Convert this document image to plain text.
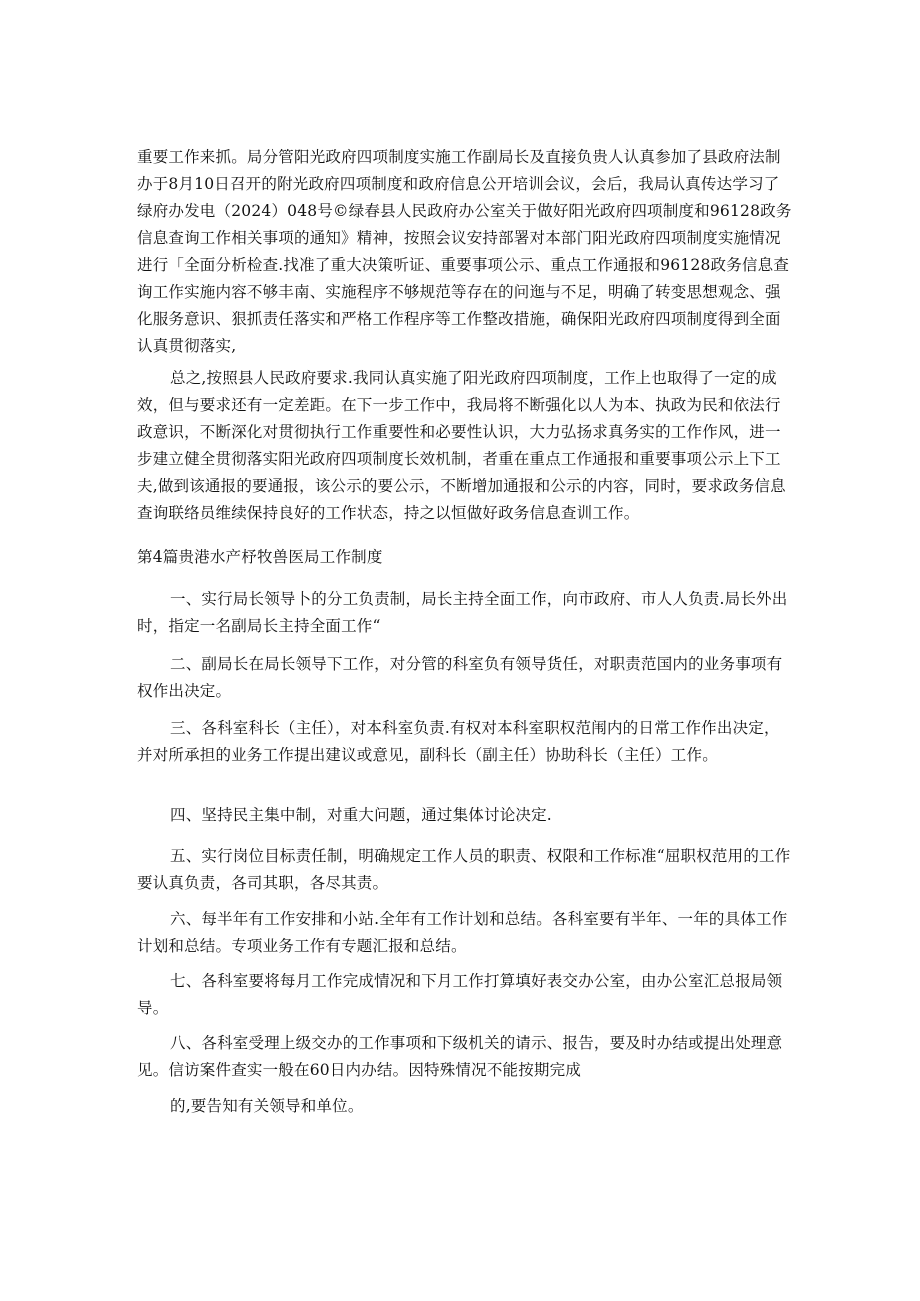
重要工作来抓。局分管阳光政府四项制度实施工作副局长及直接负贵人认真参加了县政府法制办于8月10日召开的附光政府四项制度和政府信息公开培训会议，会后，我局认真传达学习了绿府办发电（2024）048号©绿春县人民政府办公室关于做好阳光政府四项制度和96128政务信息查询工作相关事项的通知》精神，按照会议安持部署对本部门阳光政府四项制度实施情况进行「全面分析检查.找准了重大决策听证、重要事项公示、重点工作通报和96128政务信息查询工作实施内容不够丰南、实施程序不够规范等存在的问迤与不足，明确了转变思想观念、强化服务意识、狠抓责任落实和严格工作程序等工作整改措施，确保阳光政府四项制度得到全面认真贯彻落实,

总之,按照县人民政府要求.我同认真实施了阳光政府四项制度，工作上也取得了一定的成效，但与要求还有一定差距。在下一步工作中，我局将不断强化以人为本、执政为民和依法行政意识，不断深化对贯彻执行工作重要性和必要性认识，大力弘扬求真务实的工作作风，进一步建立健全贯彻落实阳光政府四项制度长效机制，者重在重点工作通报和重要事项公示上下工夫,做到该通报的要通报，该公示的要公示，不断增加通报和公示的内容，同时，要求政务信息查询联络员维续保持良好的工作状态，持之以恒做好政务信息查训工作。

第4篇贵港水产杼牧兽医局工作制度

一、实行局长领导卜的分工负责制，局长主持全面工作，向市政府、市人人负责.局长外出时，指定一名副局长主持全面工作“

二、副局长在局长领导下工作，对分管的科室负有领导货任，对职责范国内的业务事项有权作出决定。

三、各科室科长（主任），对本科室负责.有权对本科室职权范闱内的日常工作作出决定，并对所承担的业务工作提出建议或意见，副科长（副主任）协助科长（主任）工作。

四、坚持民主集中制，对重大问题，通过集体讨论决定.

五、实行岗位目标责任制，明确规定工作人员的职责、权限和工作标准“屈职权范用的工作要认真负责，各司其职，各尽其责。

六、每半年有工作安排和小站.全年有工作计划和总结。各科室要有半年、一年的具体工作计划和总结。专项业务工作有专题汇报和总结。

七、各科室要将每月工作完成情况和下月工作打算填好表交办公室，由办公室汇总报局领导。

八、各科室受理上级交办的工作事项和下级机关的请示、报告，要及时办结或提出处理意见。信访案件查实一般在60日内办结。因特殊情况不能按期完成

的,要告知有关领导和单位。
